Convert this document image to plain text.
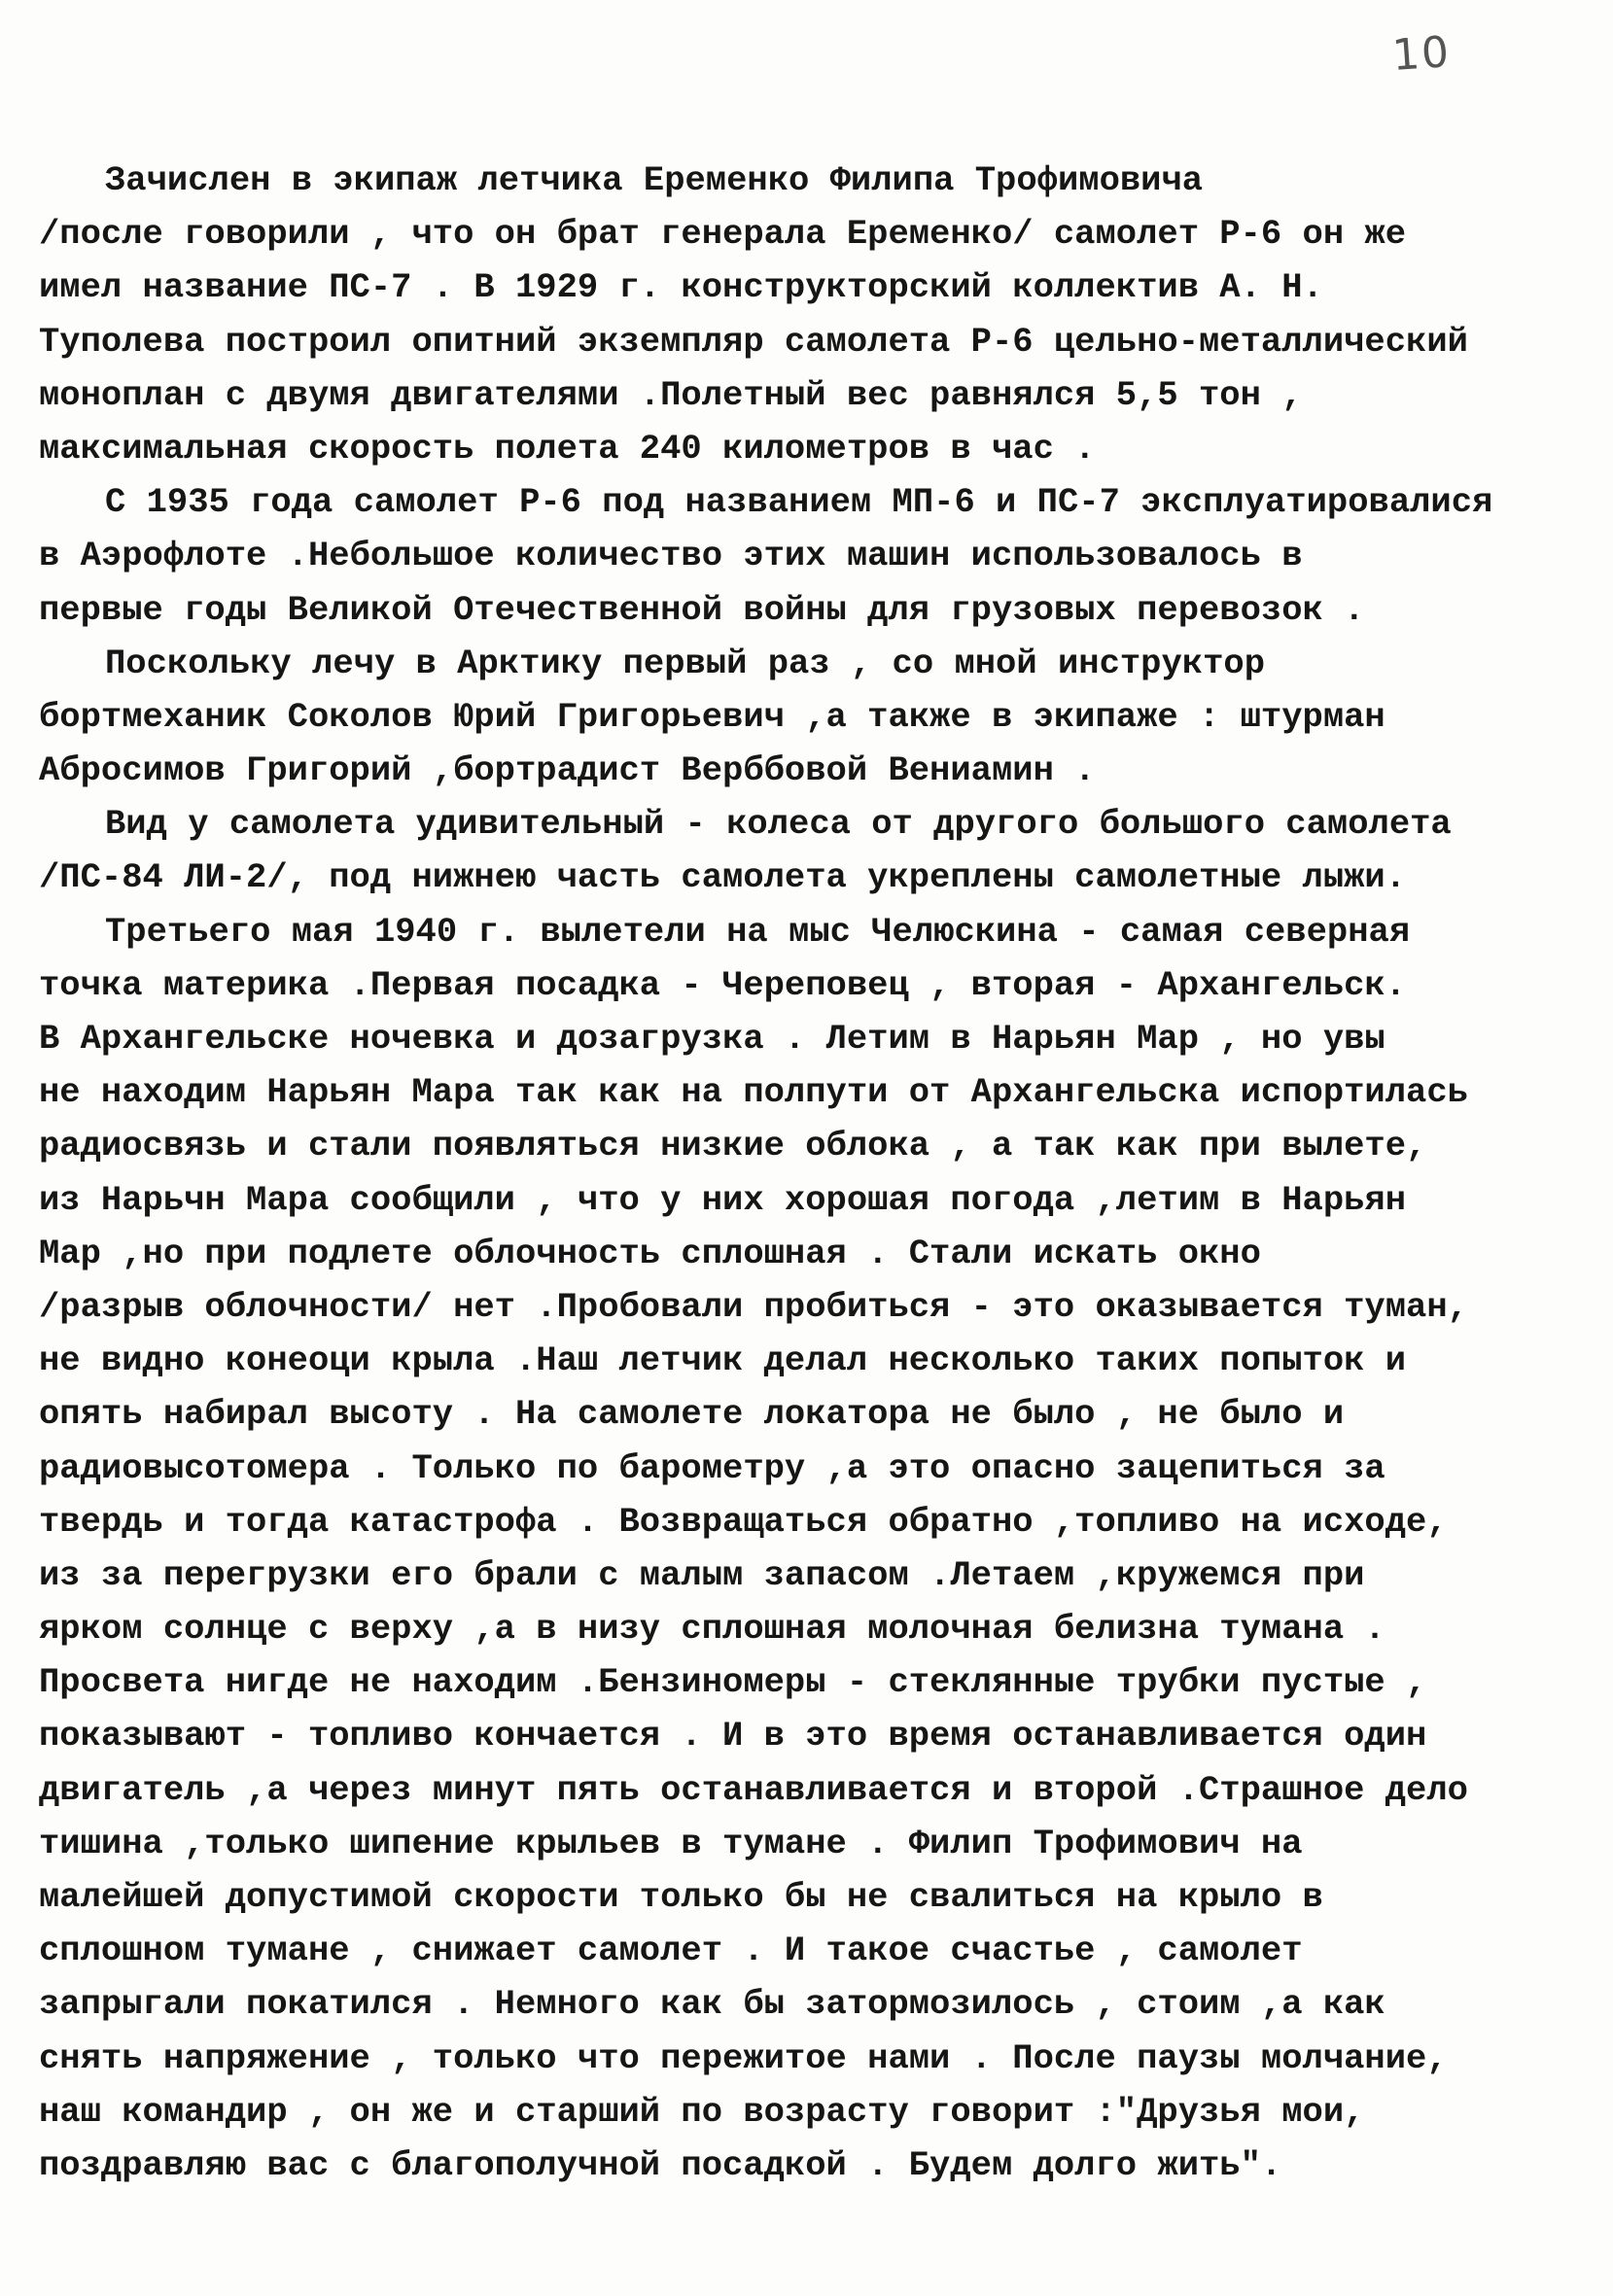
10
Зачислен в экипаж летчика Еременко Филипа Трофимовича
/после говорили , что он брат генерала Еременко/ самолет Р-6 он же
имел название ПС-7 . В 1929 г. конструкторский коллектив А. Н.
Туполева построил опитний экземпляр самолета Р-6 цельно-металлический
моноплан с двумя двигателями .Полетный вес равнялся 5,5 тон ,
максимальная скорость полета 240 километров в час .
С 1935 года самолет Р-6 под названием МП-6 и ПС-7 эксплуатировалися
в Аэрофлоте .Небольшое количество этих машин использовалось в
первые годы Великой Отечественной войны для грузовых перевозок .
Поскольку лечу в Арктику первый раз , со мной инструктор
бортмеханик Соколов Юрий Григорьевич ,а также в экипаже : штурман
Абросимов Григорий ,бортрадист Верббовой Вениамин .
Вид у самолета удивительный - колеса от другого большого самолета
/ПС-84 ЛИ-2/, под нижнею часть самолета укреплены самолетные лыжи.
Третьего мая 1940 г. вылетели на мыс Челюскина - самая северная
точка материка .Первая посадка - Череповец , вторая - Архангельск.
В Архангельске ночевка и дозагрузка . Летим в Нарьян Мар , но увы
не находим Нарьян Мара так как на полпути от Архангельска испортилась
радиосвязь и стали появляться низкие облока , а так как при вылете,
из Нарьчн Мара сообщили , что у них хорошая погода ,летим в Нарьян
Мар ,но при подлете облочность сплошная . Стали искать окно
/разрыв облочности/ нет .Пробовали пробиться - это оказывается туман,
не видно конеоци крыла .Наш летчик делал несколько таких попыток и
опять набирал высоту . На самолете локатора не было , не было и
радиовысотомера . Только по барометру ,а это опасно зацепиться за
твердь и тогда катастрофа . Возвращаться обратно ,топливо на исходе,
из за перегрузки его брали с малым запасом .Летаем ,кружемся при
ярком солнце с верху ,а в низу сплошная молочная белизна тумана .
Просвета нигде не находим .Бензиномеры - стеклянные трубки пустые ,
показывают - топливо кончается . И в это время останавливается один
двигатель ,а через минут пять останавливается и второй .Страшное дело
тишина ,только шипение крыльев в тумане . Филип Трофимович на
малейшей допустимой скорости только бы не свалиться на крыло в
сплошном тумане , снижает самолет . И такое счастье , самолет
запрыгали покатился . Немного как бы затормозилось , стоим ,а как
снять напряжение , только что пережитое нами . После паузы молчание,
наш командир , он же и старший по возрасту говорит :"Друзья мои,
поздравляю вас с благополучной посадкой . Будем долго жить".
